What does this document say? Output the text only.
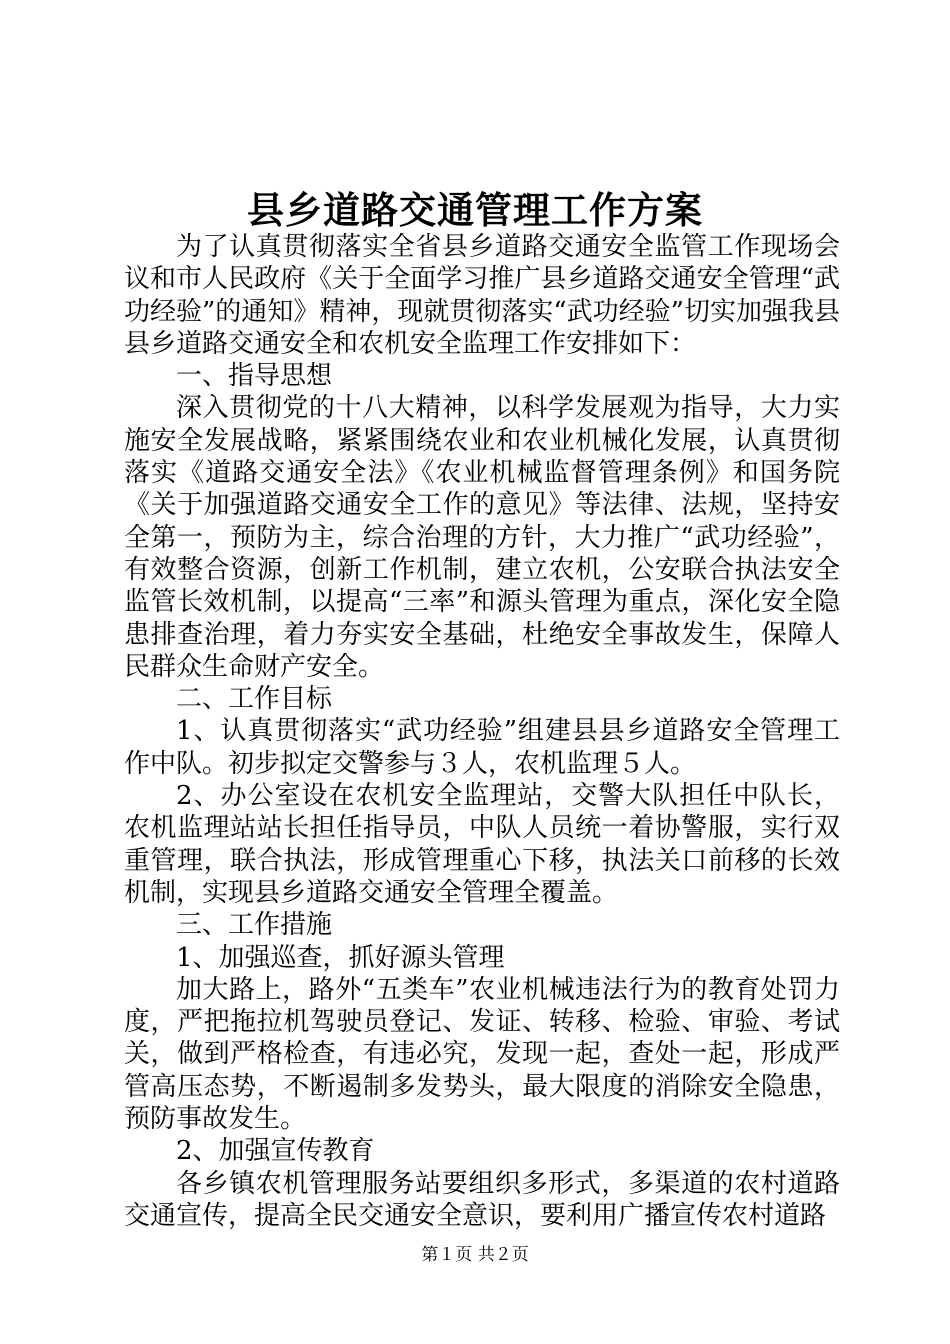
县乡道路交通管理工作方案

为了认真贯彻落实全省县乡道路交通安全监管工作现场会议和市人民政府《关于全面学习推广县乡道路交通安全管理“武功经验”的通知》精神，现就贯彻落实“武功经验”切实加强我县县乡道路交通安全和农机安全监理工作安排如下：

一、指导思想

深入贯彻党的十八大精神，以科学发展观为指导，大力实施安全发展战略，紧紧围绕农业和农业机械化发展，认真贯彻落实《道路交通安全法》《农业机械监督管理条例》和国务院《关于加强道路交通安全工作的意见》等法律、法规，坚持安全第一，预防为主，综合治理的方针，大力推广“武功经验”，有效整合资源，创新工作机制，建立农机，公安联合执法安全监管长效机制，以提高“三率”和源头管理为重点，深化安全隐患排查治理，着力夯实安全基础，杜绝安全事故发生，保障人民群众生命财产安全。

二、工作目标

1、认真贯彻落实“武功经验”组建县县乡道路安全管理工作中队。初步拟定交警参与３人，农机监理５人。

2、办公室设在农机安全监理站，交警大队担任中队长，农机监理站站长担任指导员，中队人员统一着协警服，实行双重管理，联合执法，形成管理重心下移，执法关口前移的长效机制，实现县乡道路交通安全管理全覆盖。

三、工作措施

1、加强巡查，抓好源头管理

加大路上，路外“五类车”农业机械违法行为的教育处罚力度，严把拖拉机驾驶员登记、发证、转移、检验、审验、考试关，做到严格检查，有违必究，发现一起，查处一起，形成严管高压态势，不断遏制多发势头，最大限度的消除安全隐患，预防事故发生。

2、加强宣传教育

各乡镇农机管理服务站要组织多形式，多渠道的农村道路交通宣传，提高全民交通安全意识，要利用广播宣传农村道路

第１页 共２页
